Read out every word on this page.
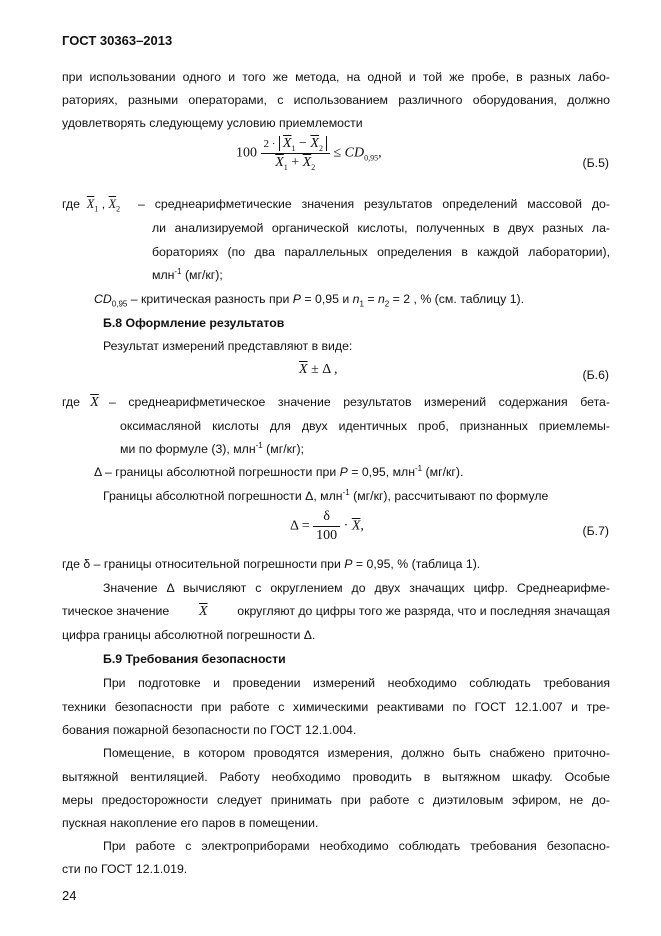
ГОСТ 30363–2013
при использовании одного и того же метода, на одной и той же пробе, в разных лабо-
раториях, разными операторами, с использованием различного оборудования, должно
удовлетворять следующему условию приемлемости
$100 \frac{2 \cdot \overline{X}_1 - \overline{X}_2}{\overline{X}_1 + \overline{X}_2} \le CD_{0,95}$,
(Б.5)
где $\overline{X}_1$ , $\overline{X}_2$ – среднеарифметические значения результатов определений массовой до-
ли анализируемой органической кислоты, полученных в двух разных ла-
бораториях (по два параллельных определения в каждой лаборатории),
млн$^{-1}$ (мг/кг);
$CD_{0,95}$ – критическая разность при P = 0,95 и $n_1 = n_2 = 2$ , % (см. таблицу 1).
Б.8 Оформление результатов
Результат измерений представляют в виде:
$\overline{X} \pm \Delta$ ,	(Б.6)
где $\overline{X}$ – среднеарифметическое значение результатов измерений содержания бета-
оксимасляной кислоты для двух идентичных проб, признанных приемлемы-
ми по формуле (3), млн$^{-1}$ (мг/кг);
Δ – границы абсолютной погрешности при P = 0,95, млн$^{-1}$ (мг/кг).
Границы абсолютной погрешности Δ, млн$^{-1}$ (мг/кг), рассчитывают по формуле
$\Delta = \frac{\delta}{100} \cdot \overline{X}$,	(Б.7)
где δ – границы относительной погрешности при P = 0,95, % (таблица 1).
Значение Δ вычисляют с округлением до двух значащих цифр. Среднеарифме-
тическое значение $\overline{X}$ округляют до цифры того же разряда, что и последняя значащая
цифра границы абсолютной погрешности Δ.
Б.9 Требования безопасности
При подготовке и проведении измерений необходимо соблюдать требования
техники безопасности при работе с химическими реактивами по ГОСТ 12.1.007 и тре-
бования пожарной безопасности по ГОСТ 12.1.004.
Помещение, в котором проводятся измерения, должно быть снабжено приточно-
вытяжной вентиляцией. Работу необходимо проводить в вытяжном шкафу. Особые
меры предосторожности следует принимать при работе с диэтиловым эфиром, не до-
пускная накопление его паров в помещении.
При работе с электроприборами необходимо соблюдать требования безопасно-
сти по ГОСТ 12.1.019.
24
